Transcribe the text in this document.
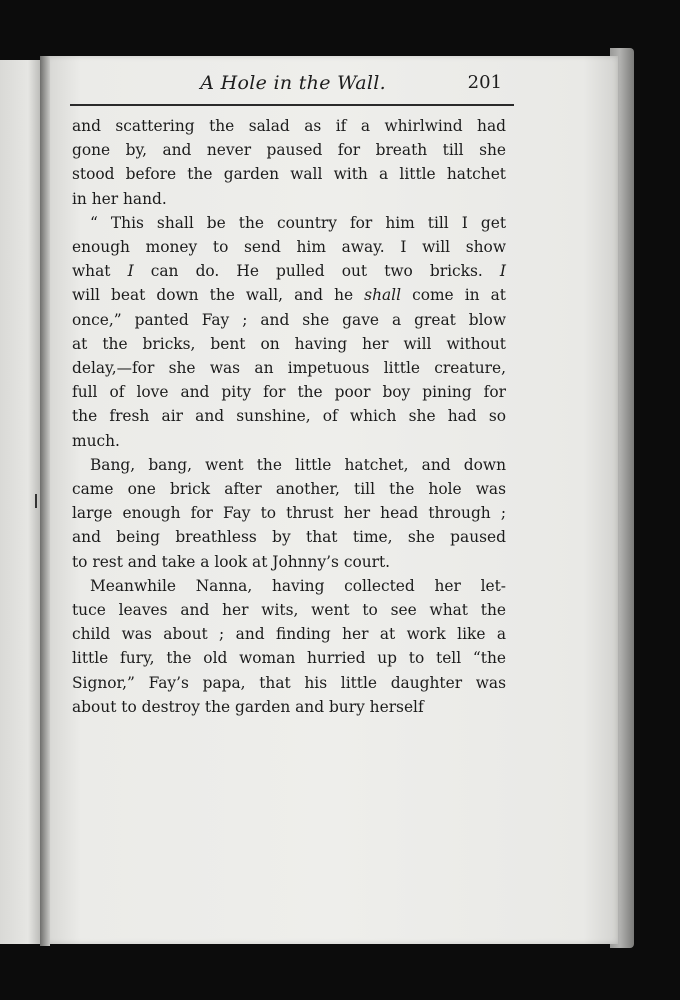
A Hole in the Wall.	201
and scattering the salad as if a whirlwind had
gone by, and never paused for breath till she
stood before the garden wall with a little hatchet
in her hand.
“ This shall be the country for him till I get
enough money to send him away. I will show
what I can do. He pulled out two bricks. I
will beat down the wall, and he shall come in at
once,” panted Fay ; and she gave a great blow
at the bricks, bent on having her will without
delay,—for she was an impetuous little creature,
full of love and pity for the poor boy pining for
the fresh air and sunshine, of which she had so
much.
Bang, bang, went the little hatchet, and down
came one brick after another, till the hole was
large enough for Fay to thrust her head through ;
and being breathless by that time, she paused
to rest and take a look at Johnny’s court.
Meanwhile Nanna, having collected her let-
tuce leaves and her wits, went to see what the
child was about ; and finding her at work like a
little fury, the old woman hurried up to tell “the
Signor,” Fay’s papa, that his little daughter was
about to destroy the garden and bury herself
